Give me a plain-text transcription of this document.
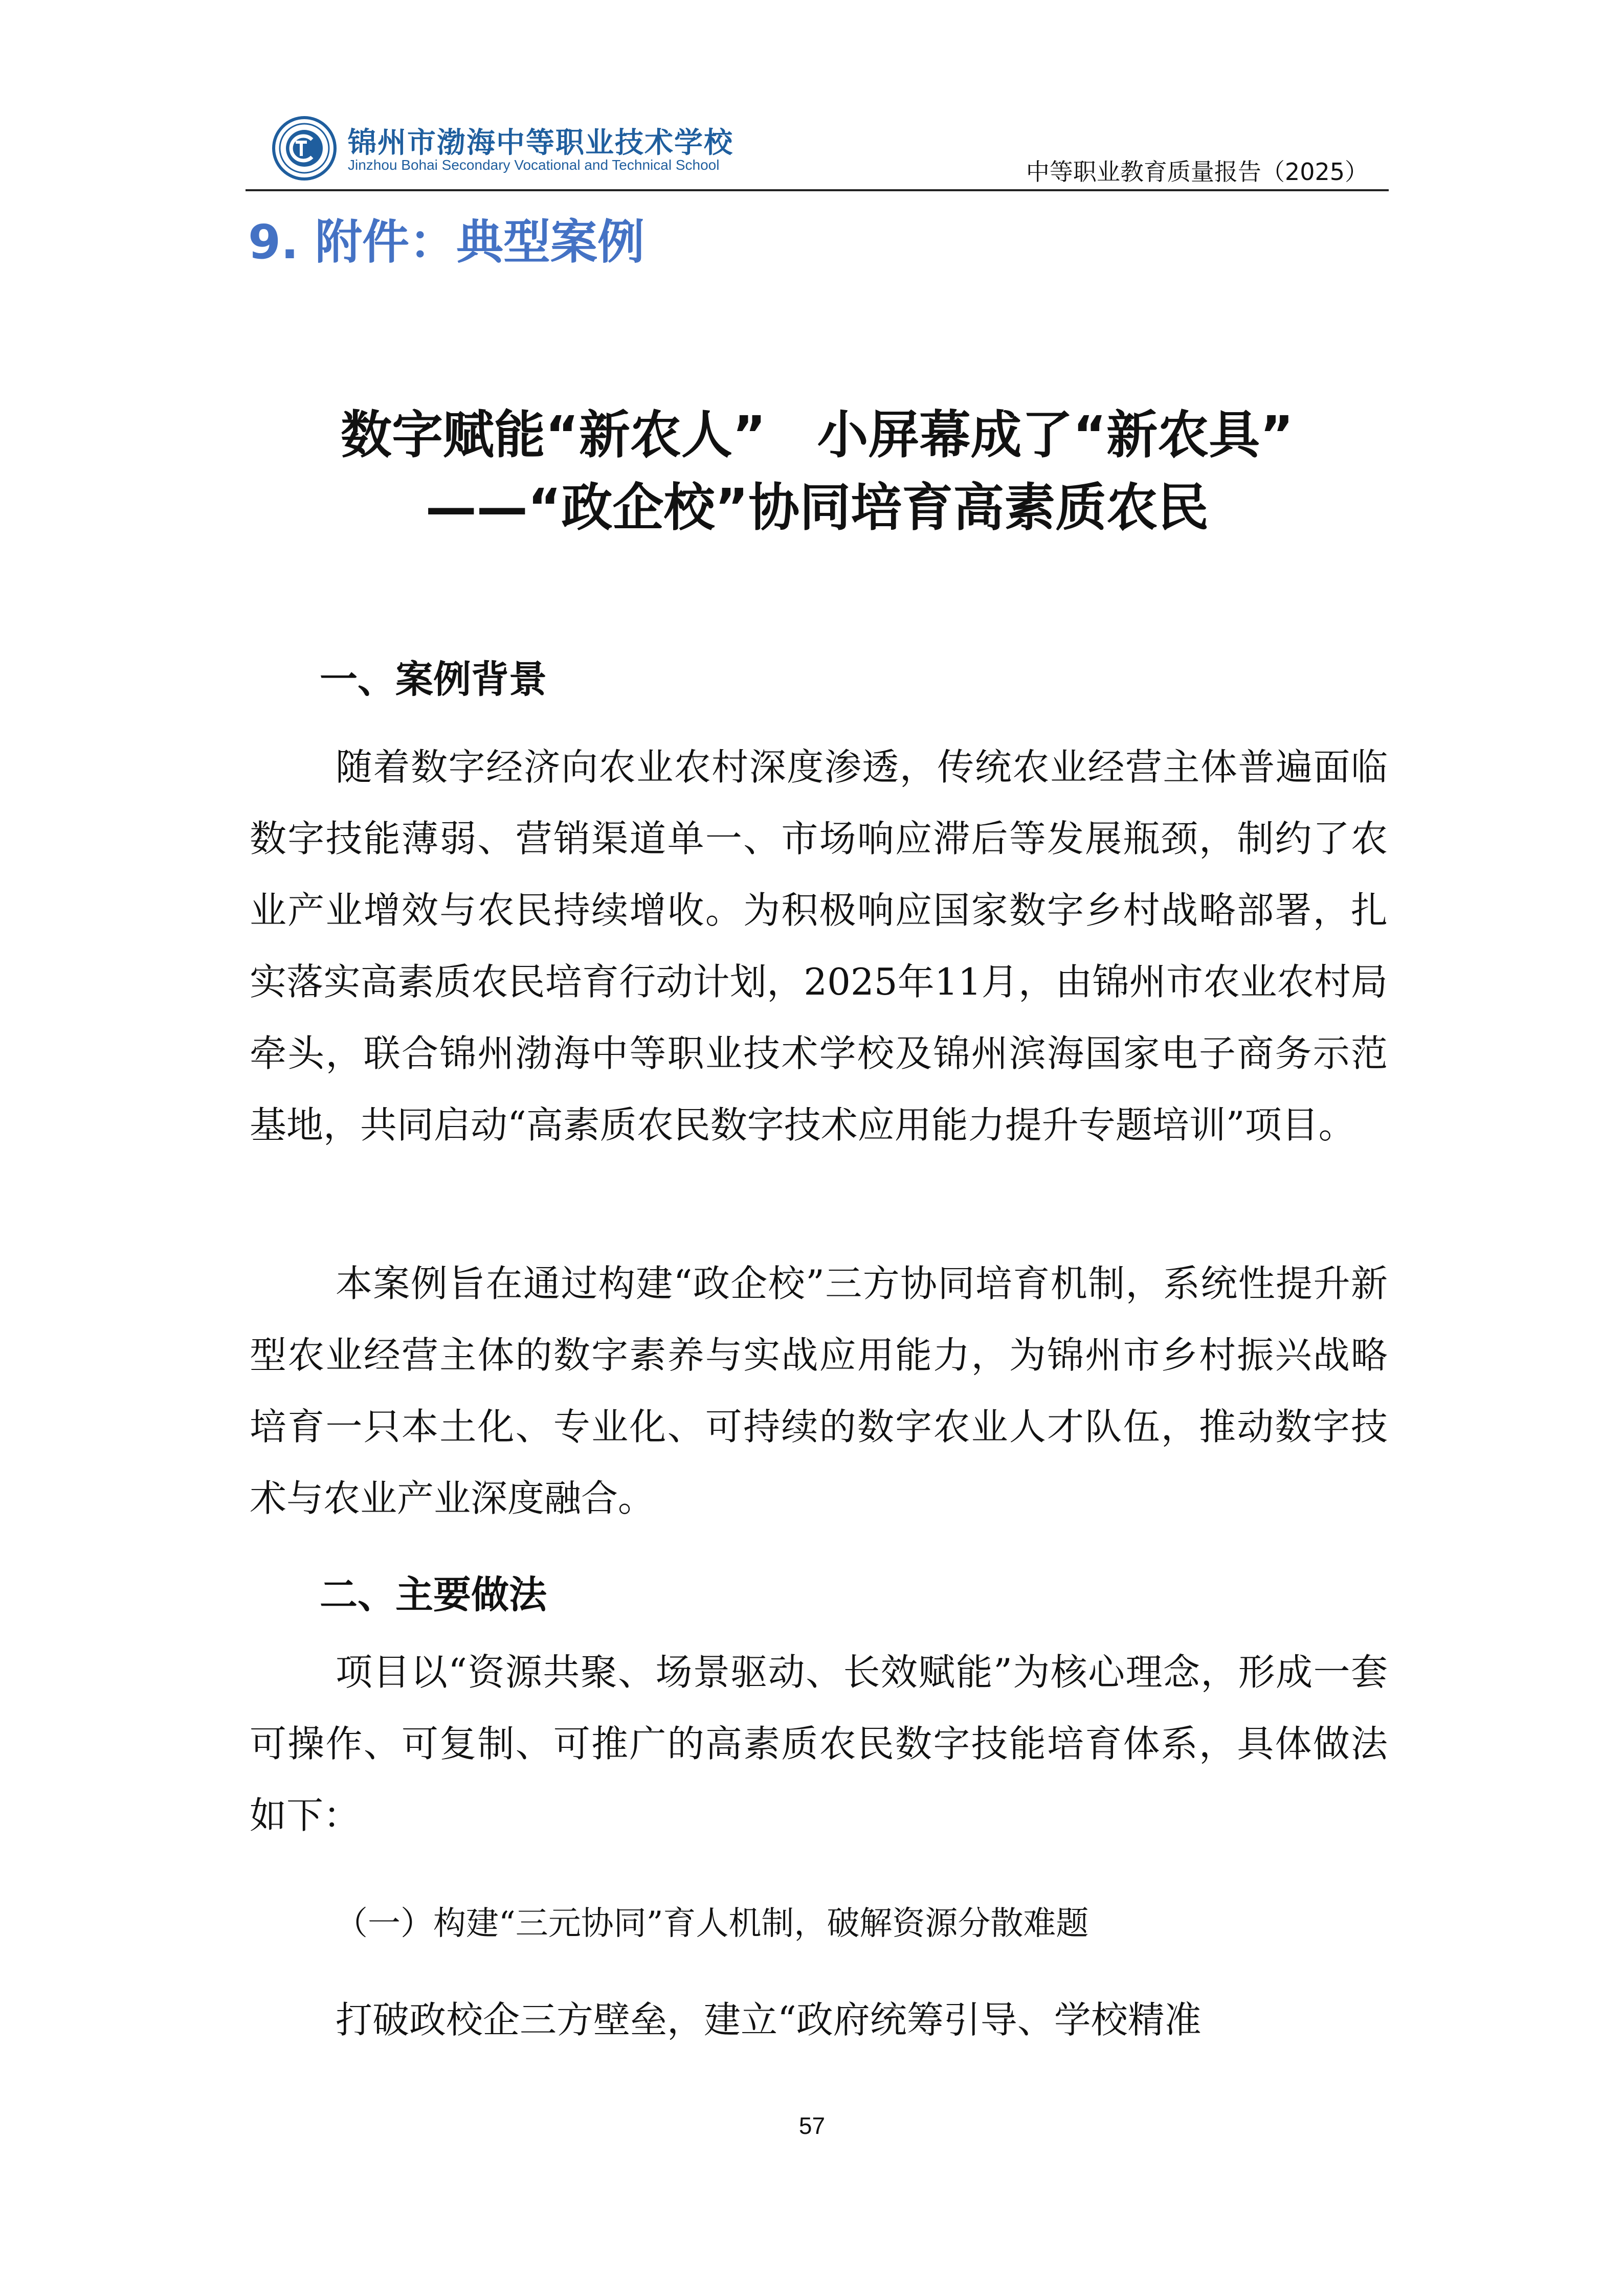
锦州市渤海中等职业技术学校
Jinzhou Bohai Secondary Vocational and Technical School	中等职业教育质量报告（2025）
9. 附件：典型案例
数字赋能“新农人”　小屏幕成了“新农具”
——“政企校”协同培育高素质农民
一、案例背景
随着数字经济向农业农村深度渗透，传统农业经营主体普遍面临数字技能薄弱、营销渠道单一、市场响应滞后等发展瓶颈，制约了农业产业增效与农民持续增收。为积极响应国家数字乡村战略部署，扎实落实高素质农民培育行动计划，2025年11月，由锦州市农业农村局牵头，联合锦州渤海中等职业技术学校及锦州滨海国家电子商务示范基地，共同启动“高素质农民数字技术应用能力提升专题培训”项目。
本案例旨在通过构建“政企校”三方协同培育机制，系统性提升新型农业经营主体的数字素养与实战应用能力，为锦州市乡村振兴战略培育一只本土化、专业化、可持续的数字农业人才队伍，推动数字技术与农业产业深度融合。
二、主要做法
项目以“资源共聚、场景驱动、长效赋能”为核心理念，形成一套可操作、可复制、可推广的高素质农民数字技能培育体系，具体做法如下：
（一）构建“三元协同”育人机制，破解资源分散难题
打破政校企三方壁垒，建立“政府统筹引导、学校精准
57
